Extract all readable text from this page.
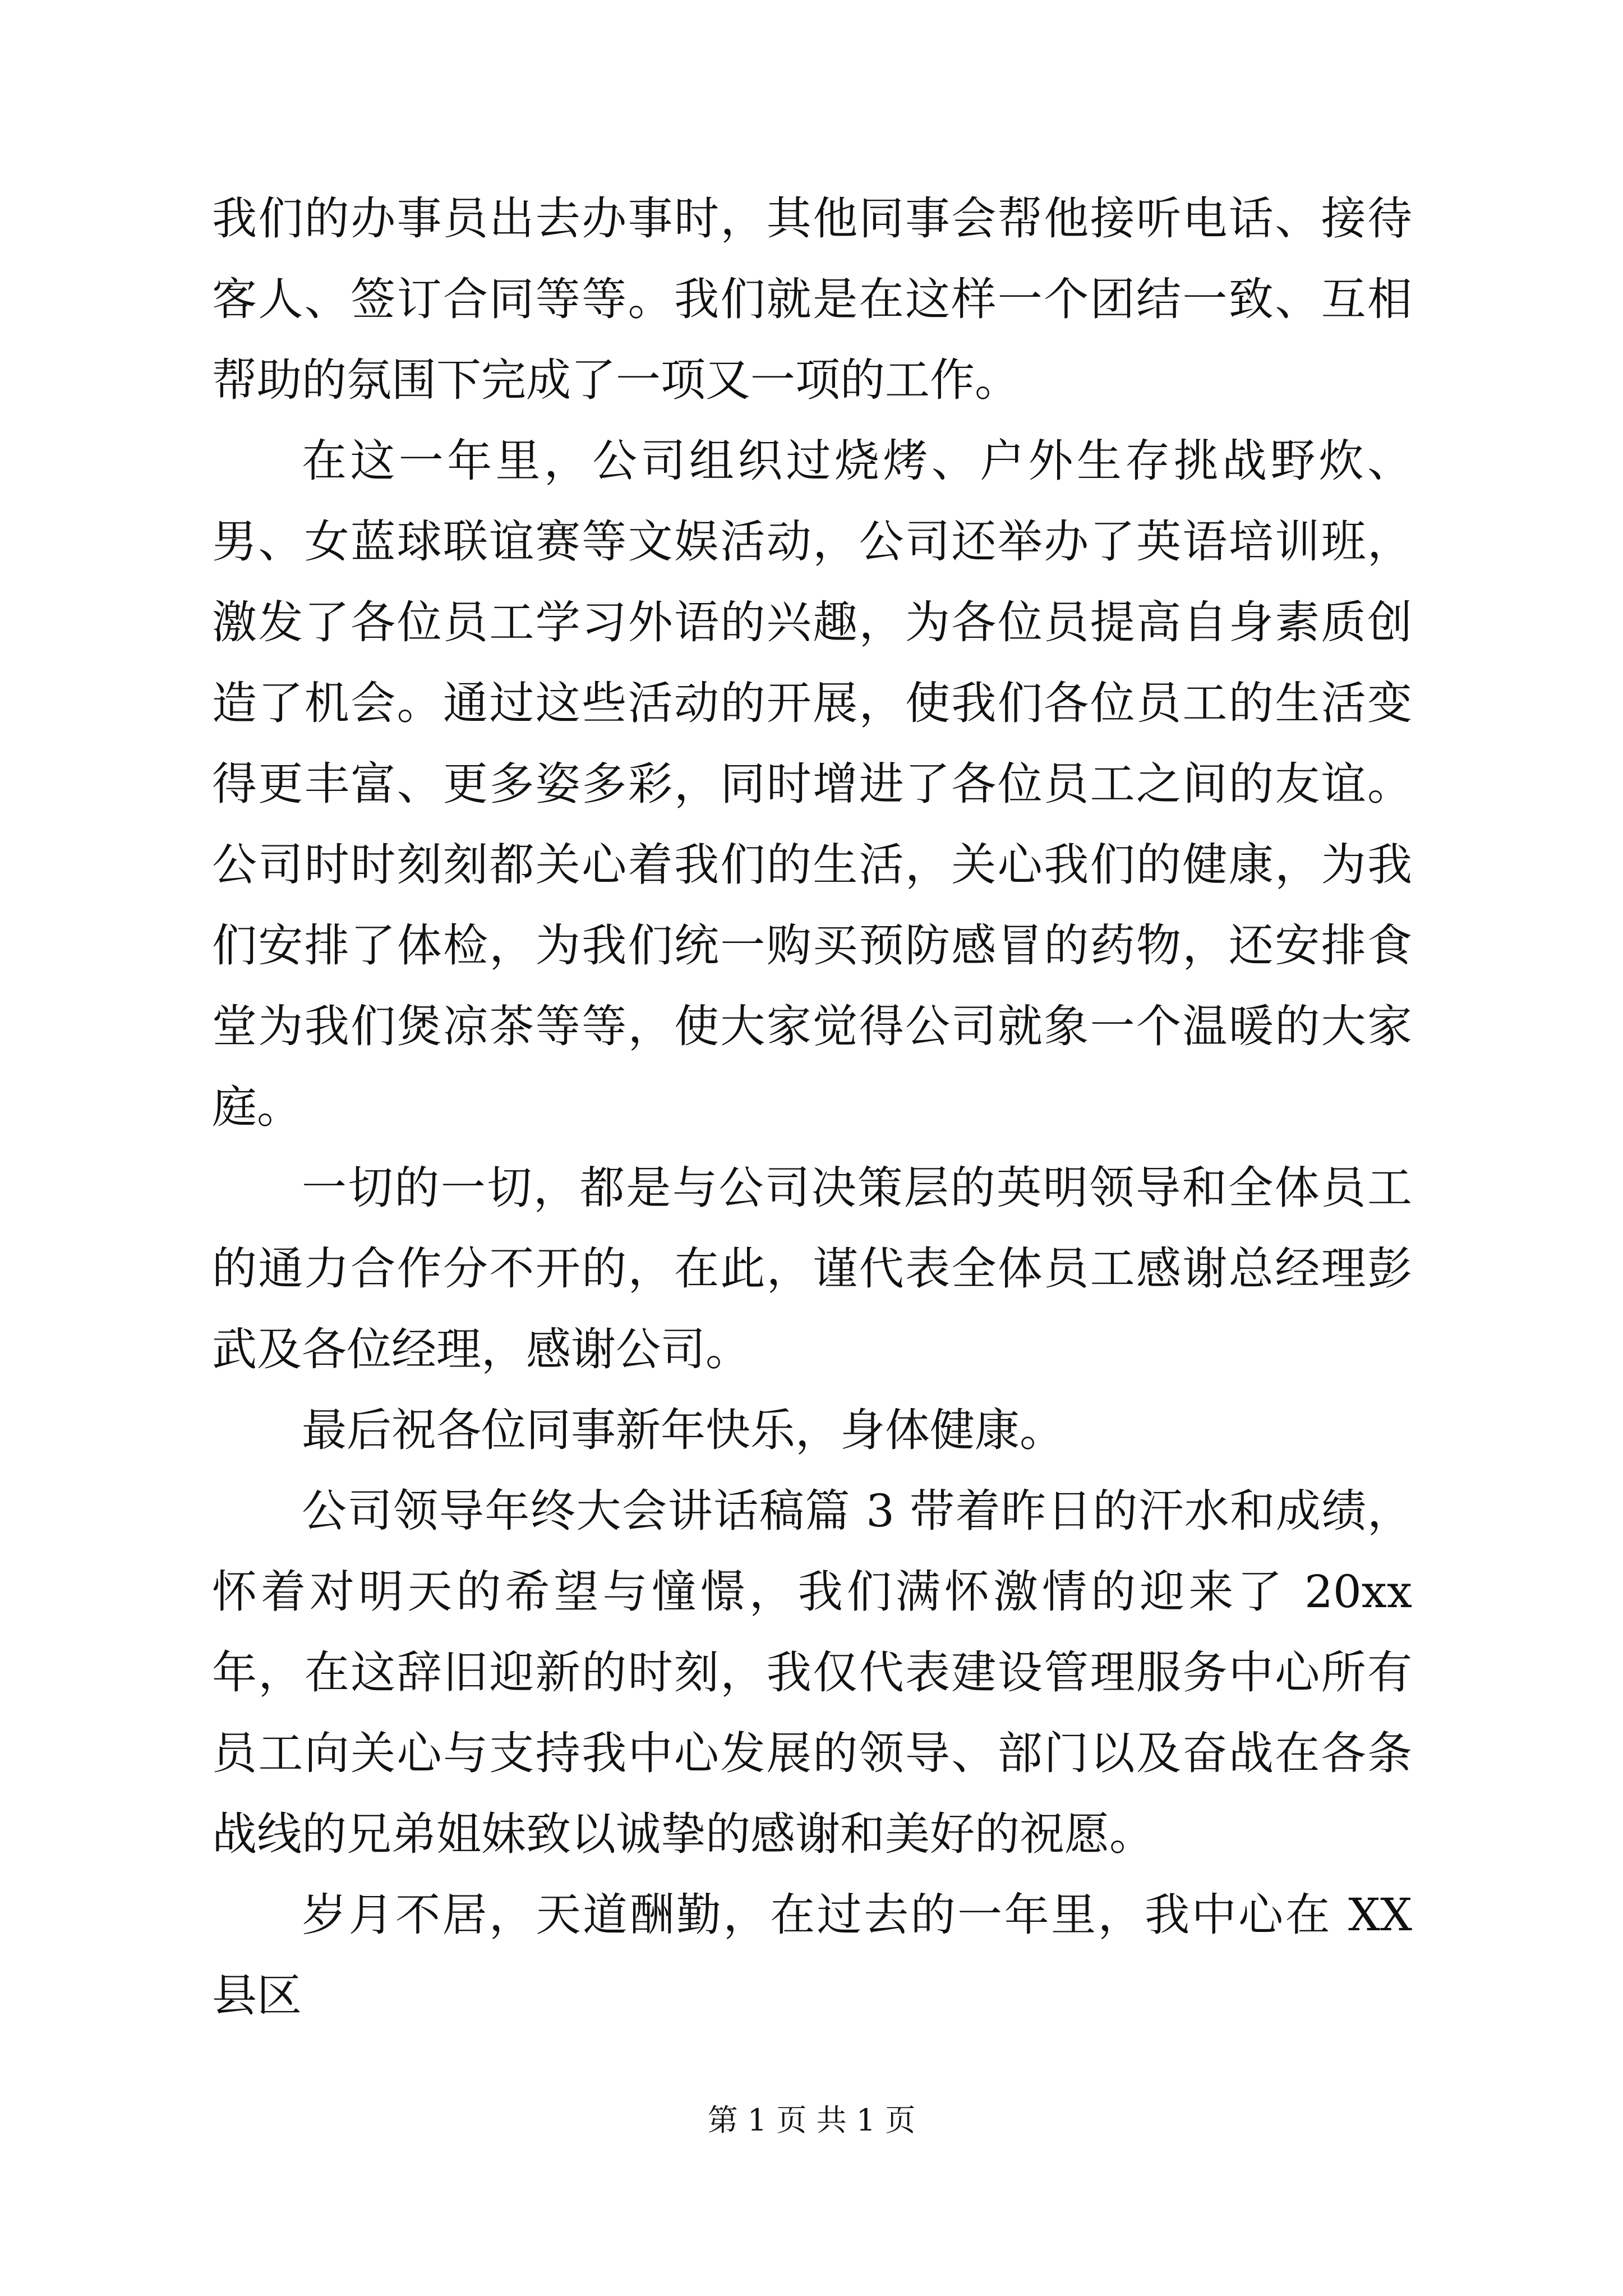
我们的办事员出去办事时，其他同事会帮他接听电话、接待客人、签订合同等等。我们就是在这样一个团结一致、互相帮助的氛围下完成了一项又一项的工作。

在这一年里，公司组织过烧烤、户外生存挑战野炊、男、女蓝球联谊赛等文娱活动，公司还举办了英语培训班，激发了各位员工学习外语的兴趣，为各位员提高自身素质创造了机会。通过这些活动的开展，使我们各位员工的生活变得更丰富、更多姿多彩，同时增进了各位员工之间的友谊。公司时时刻刻都关心着我们的生活，关心我们的健康，为我们安排了体检，为我们统一购买预防感冒的药物，还安排食堂为我们煲凉茶等等，使大家觉得公司就象一个温暖的大家庭。

一切的一切，都是与公司决策层的英明领导和全体员工的通力合作分不开的，在此，谨代表全体员工感谢总经理彭武及各位经理，感谢公司。

最后祝各位同事新年快乐，身体健康。

公司领导年终大会讲话稿篇 3 带着昨日的汗水和成绩，怀着对明天的希望与憧憬，我们满怀激情的迎来了 20xx 年，在这辞旧迎新的时刻，我仅代表建设管理服务中心所有员工向关心与支持我中心发展的领导、部门以及奋战在各条战线的兄弟姐妹致以诚挚的感谢和美好的祝愿。

岁月不居，天道酬勤，在过去的一年里，我中心在 XX 县区

第 1 页 共 1 页
